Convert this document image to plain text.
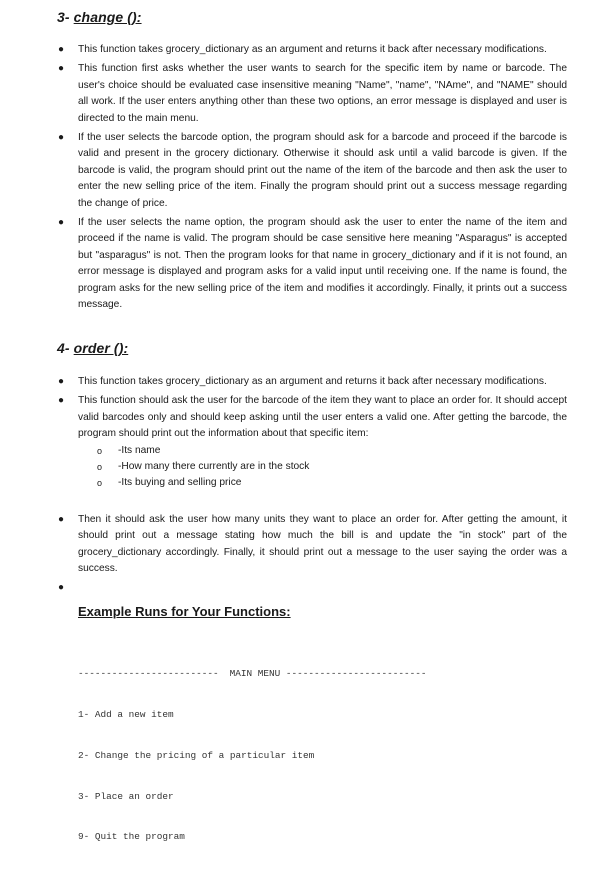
3- change ():
● This function takes grocery_dictionary as an argument and returns it back after necessary modifications.
● This function first asks whether the user wants to search for the specific item by name or barcode. The user's choice should be evaluated case insensitive meaning "Name", "name", "NAme", and "NAME" should all work. If the user enters anything other than these two options, an error message is displayed and user is directed to the main menu.
● If the user selects the barcode option, the program should ask for a barcode and proceed if the barcode is valid and present in the grocery dictionary. Otherwise it should ask until a valid barcode is given. If the barcode is valid, the program should print out the name of the item of the barcode and then ask the user to enter the new selling price of the item. Finally the program should print out a success message regarding the change of price.
● If the user selects the name option, the program should ask the user to enter the name of the item and proceed if the name is valid. The program should be case sensitive here meaning "Asparagus" is accepted but "asparagus" is not. Then the program looks for that name in grocery_dictionary and if it is not found, an error message is displayed and program asks for a valid input until receiving one. If the name is found, the program asks for the new selling price of the item and modifies it accordingly. Finally, it prints out a success message.
4- order ():
● This function takes grocery_dictionary as an argument and returns it back after necessary modifications.
● This function should ask the user for the barcode of the item they want to place an order for. It should accept valid barcodes only and should keep asking until the user enters a valid one. After getting the barcode, the program should print out the information about that specific item:
o -Its name
o -How many there currently are in the stock
o -Its buying and selling price
● Then it should ask the user how many units they want to place an order for. After getting the amount, it should print out a message stating how much the bill is and update the "in stock" part of the grocery_dictionary accordingly. Finally, it should print out a message to the user saying the order was a success.
●
Example Runs for Your Functions:

------------------------- MAIN MENU -------------------------

1- Add a new item

2- Change the pricing of a particular item

3- Place an order

9- Quit the program
